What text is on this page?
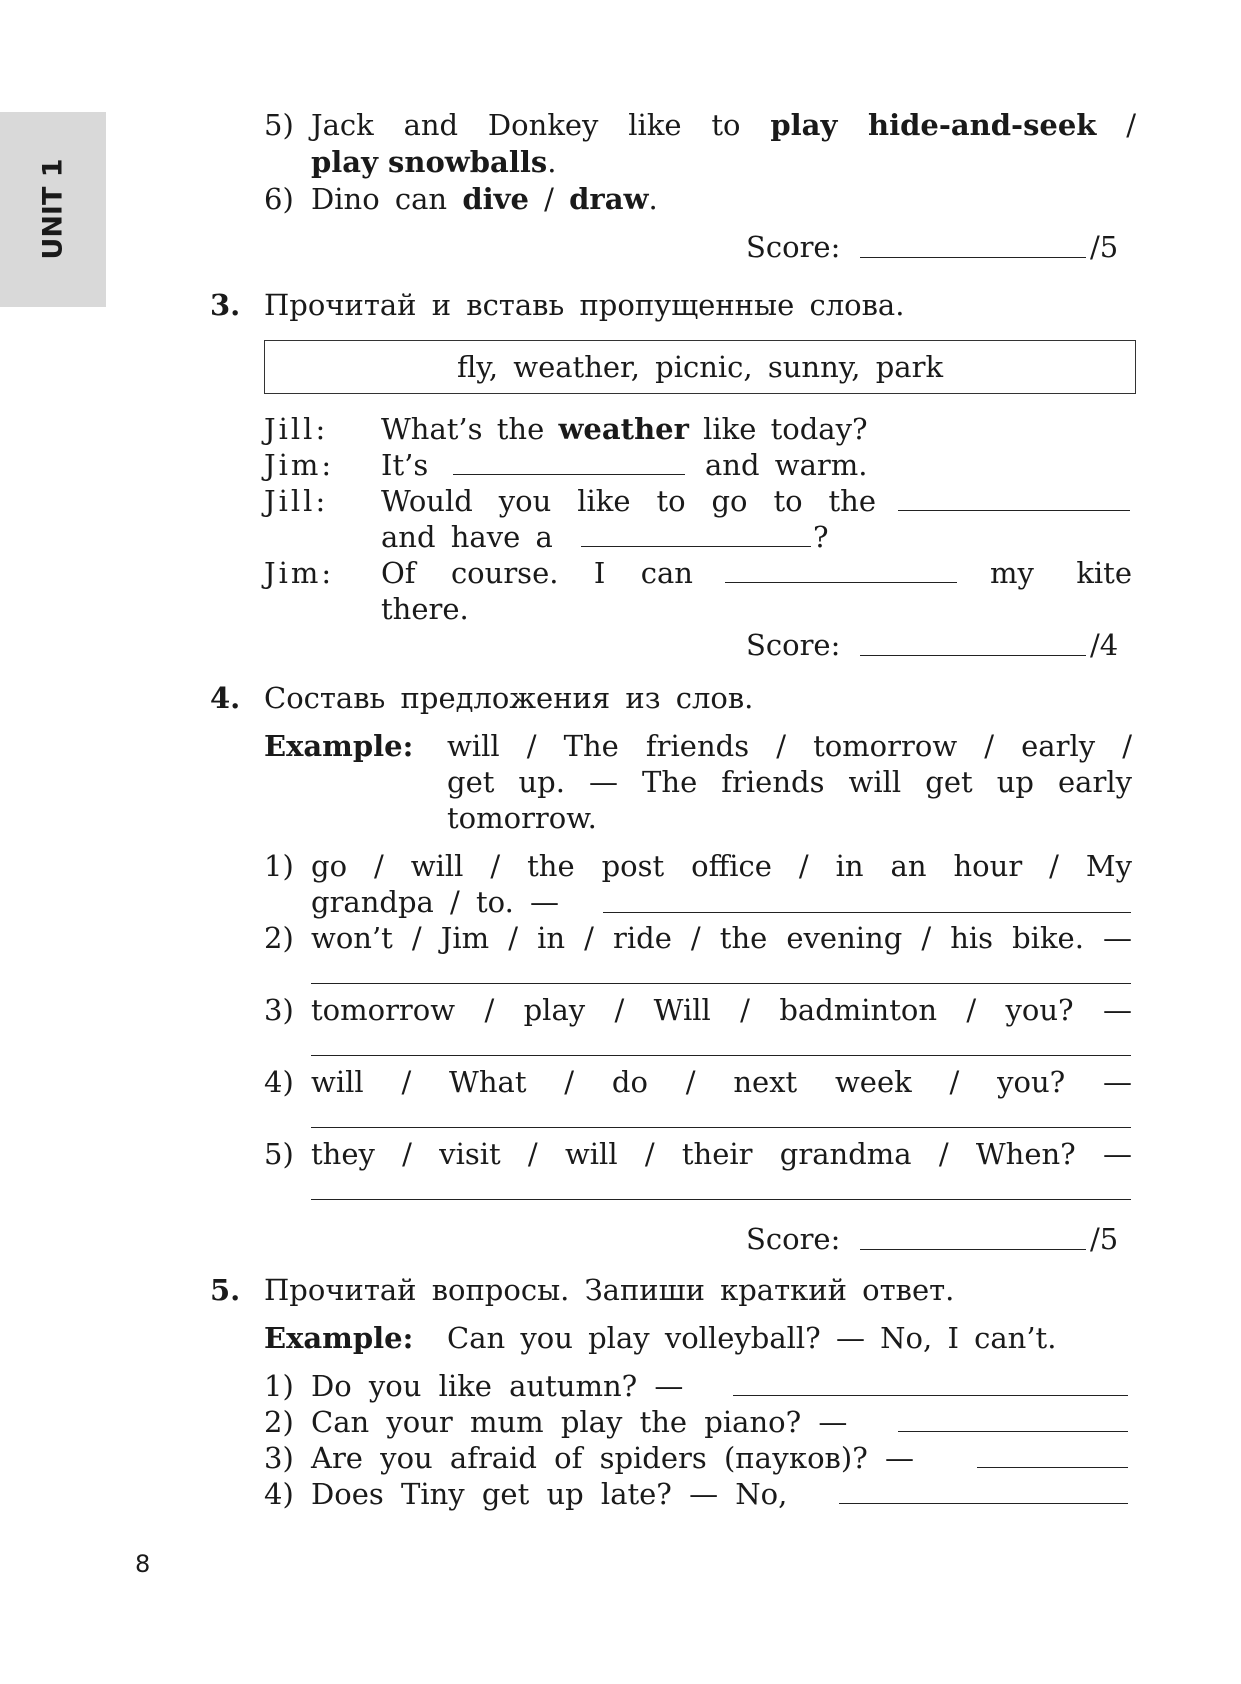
UNIT 1
5) Jack and Donkey like to play hide-and-seek /
play snowballs.
6) Dino can dive / draw.
Score:	/5
3. Прочитай и вставь пропущенные слова.
fly, weather, picnic, sunny, park
Jill: What’s the weather like today?
Jim: It’s	and warm.
Jill: Would you like to go to the
and have a	?
Jim: Of course. I can	my kite
there.
Score:	/4
4. Составь предложения из слов.
Example: will / The friends / tomorrow / early /
get up. — The friends will get up early
tomorrow.
1) go / will / the post office / in an hour / My
grandpa / to. —
2) won’t / Jim / in / ride / the evening / his bike. —
3) tomorrow / play / Will / badminton / you? —
4) will / What / do / next week / you? —
5) they / visit / will / their grandma / When? —
Score:	/5
5. Прочитай вопросы. Запиши краткий ответ.
Example: Can you play volleyball? — No, I can’t.
1) Do you like autumn? —
2) Can your mum play the piano? —
3) Are you afraid of spiders (пауков)? —
4) Does Tiny get up late? — No,
8
